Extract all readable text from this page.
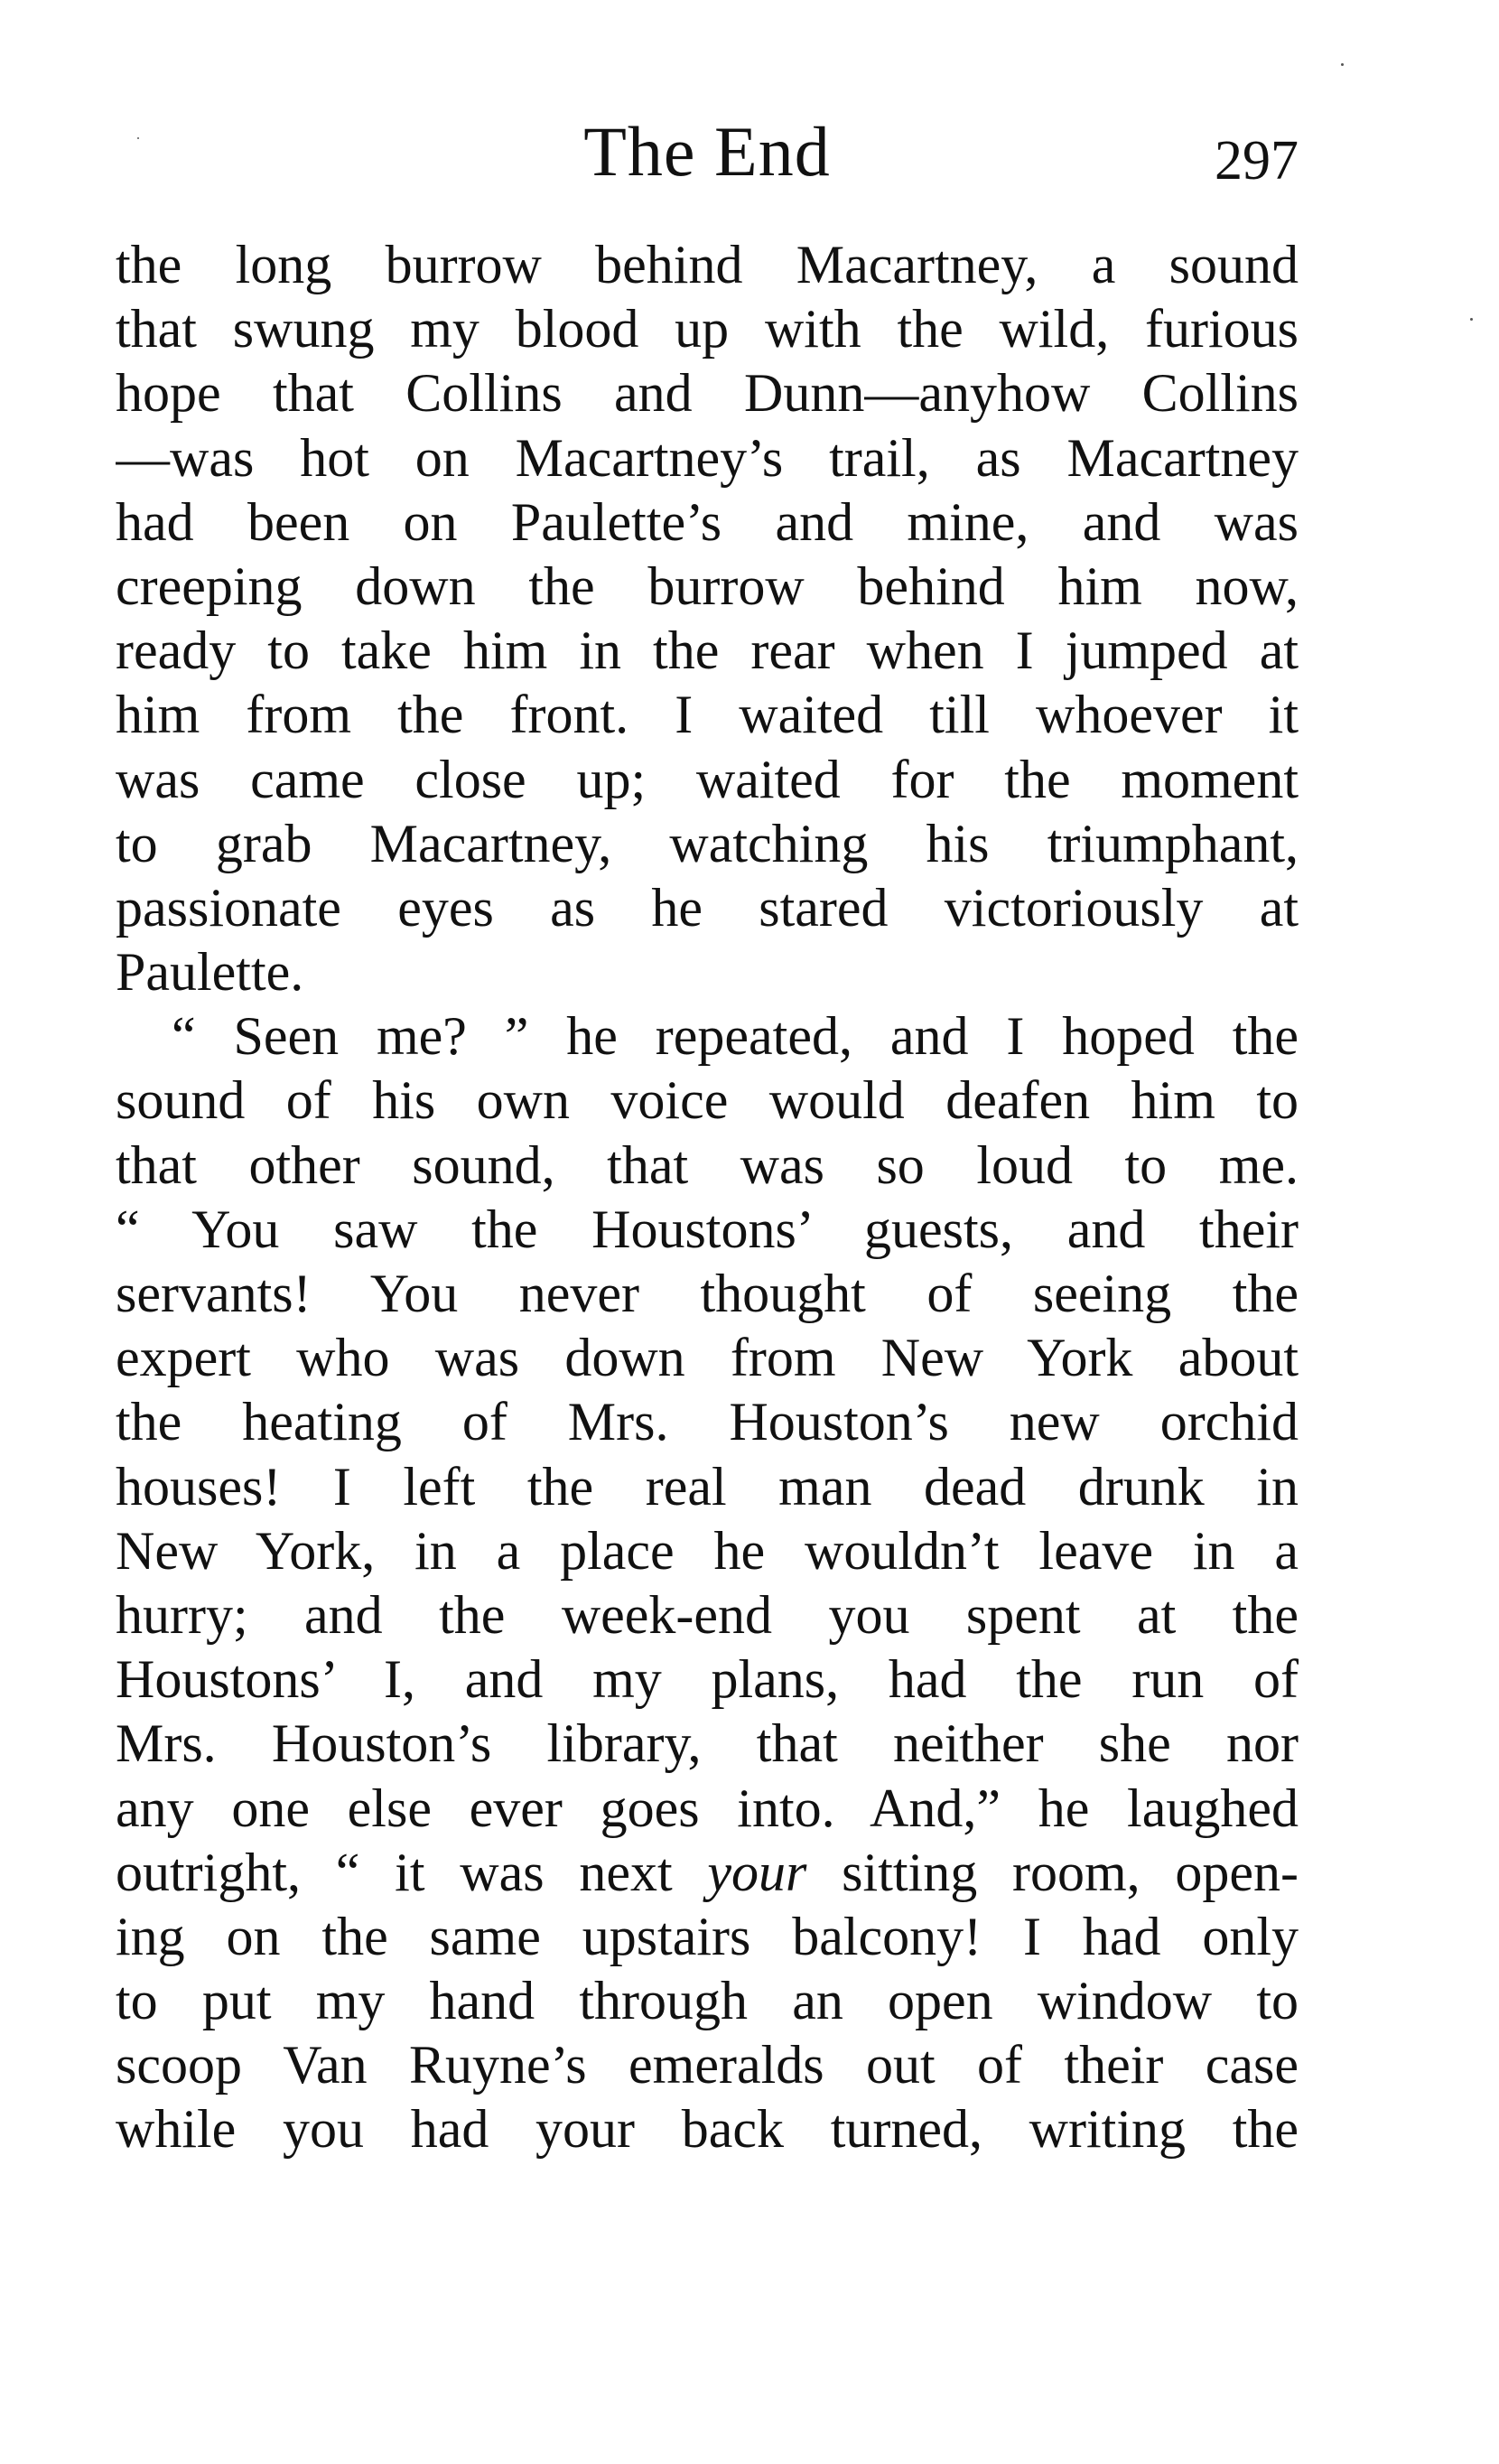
The End	297
the long burrow behind Macartney, a sound
that swung my blood up with the wild, furious
hope that Collins and Dunn—anyhow Collins
—was hot on Macartney’s trail, as Macartney
had been on Paulette’s and mine, and was
creeping down the burrow behind him now,
ready to take him in the rear when I jumped at
him from the front. I waited till whoever it
was came close up; waited for the moment
to grab Macartney, watching his triumphant,
passionate eyes as he stared victoriously at
Paulette.
“ Seen me? ” he repeated, and I hoped the
sound of his own voice would deafen him to
that other sound, that was so loud to me.
“ You saw the Houstons’ guests, and their
servants! You never thought of seeing the
expert who was down from New York about
the heating of Mrs. Houston’s new orchid
houses! I left the real man dead drunk in
New York, in a place he wouldn’t leave in a
hurry; and the week-end you spent at the
Houstons’ I, and my plans, had the run of
Mrs. Houston’s library, that neither she nor
any one else ever goes into. And,” he laughed
outright, “ it was next your sitting room, open-
ing on the same upstairs balcony! I had only
to put my hand through an open window to
scoop Van Ruyne’s emeralds out of their case
while you had your back turned, writing the
